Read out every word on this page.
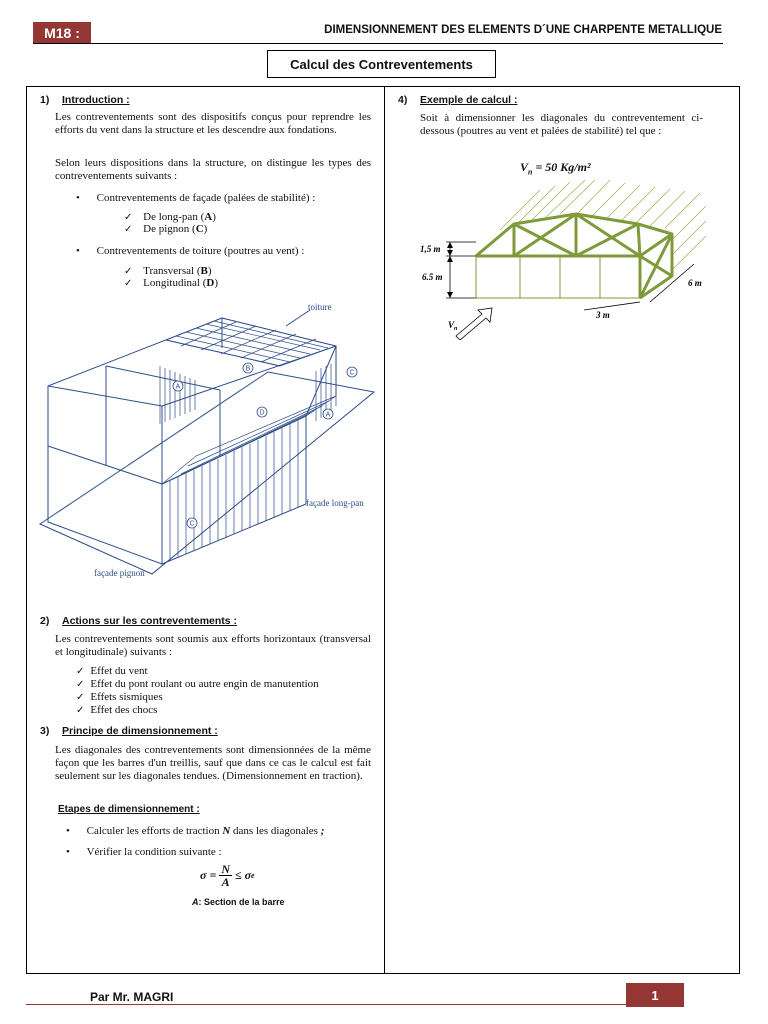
M18 :	DIMENSIONNEMENT DES ELEMENTS D´UNE CHARPENTE METALLIQUE
Calcul des Contreventements
1) Introduction :
Les contreventements sont des dispositifs conçus pour reprendre les efforts du vent dans la structure et les descendre aux fondations.
Selon leurs dispositions dans la structure, on distingue les types des contreventements suivants :
• Contreventements de façade (palées de stabilité) :
✓ De long-pan (A)
✓ De pignon (C)
• Contreventements de toiture (poutres au vent) :
✓ Transversal (B)
✓ Longitudinal (D)
A
B
C
D	A
C
toiture
façade long-pan
façade pignon
2) Actions sur les contreventements :
Les contreventements sont soumis aux efforts horizontaux (transversal et longitudinale) suivants :
✓ Effet du vent
✓ Effet du pont roulant ou autre engin de manutention
✓ Effets sismiques
✓ Effet des chocs
3) Principe de dimensionnement :
Les diagonales des contreventements sont dimensionnées de la même façon que les barres d'un treillis, sauf que dans ce cas le calcul est fait seulement sur les diagonales tendues. (Dimensionnement en traction).
Etapes de dimensionnement :
• Calculer les efforts de traction N dans les diagonales ;
• Vérifier la condition suivante :
$\sigma = \frac{N}{A} \le \sigma$ e
A: Section de la barre
4) Exemple de calcul :
Soit à dimensionner les diagonales du contreventement ci-dessous (poutres au vent et palées de stabilité) tel que :
$V_n = 50$ Kg/m²
1,5 m
6.5 m
6 m
3 m
$V_n$
Par Mr. MAGRI	1
